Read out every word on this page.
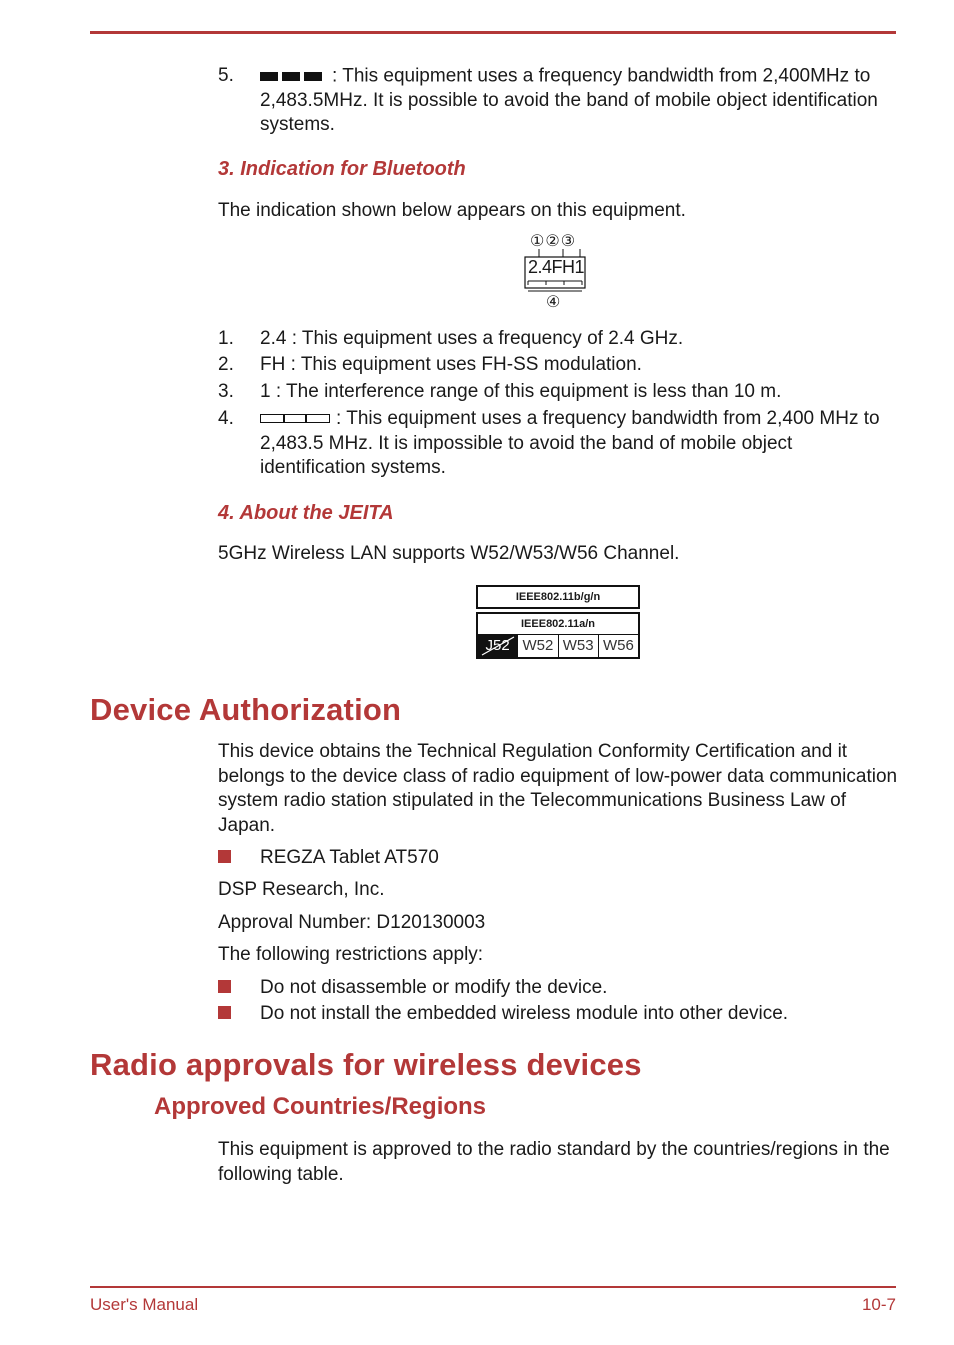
5.	: This equipment uses a frequency bandwidth from 2,400MHz to 2,483.5MHz. It is possible to avoid the band of mobile object identification systems.
3. Indication for Bluetooth
The indication shown below appears on this equipment.
①②③
2.4FH1
④
1. 2.4 : This equipment uses a frequency of 2.4 GHz.
2. FH : This equipment uses FH-SS modulation.
3. 1 : The interference range of this equipment is less than 10 m.
4.	: This equipment uses a frequency bandwidth from 2,400 MHz to 2,483.5 MHz. It is impossible to avoid the band of mobile object identification systems.
4. About the JEITA
5GHz Wireless LAN supports W52/W53/W56 Channel.
IEEE802.11b/g/n
IEEE802.11a/n
J52 W52 W53 W56
Device Authorization
This device obtains the Technical Regulation Conformity Certification and it belongs to the device class of radio equipment of low-power data communication system radio station stipulated in the Telecommunications Business Law of Japan.
REGZA Tablet AT570
DSP Research, Inc.
Approval Number: D120130003
The following restrictions apply:
Do not disassemble or modify the device.
Do not install the embedded wireless module into other device.
Radio approvals for wireless devices
Approved Countries/Regions
This equipment is approved to the radio standard by the countries/regions in the following table.
User's Manual	10-7
